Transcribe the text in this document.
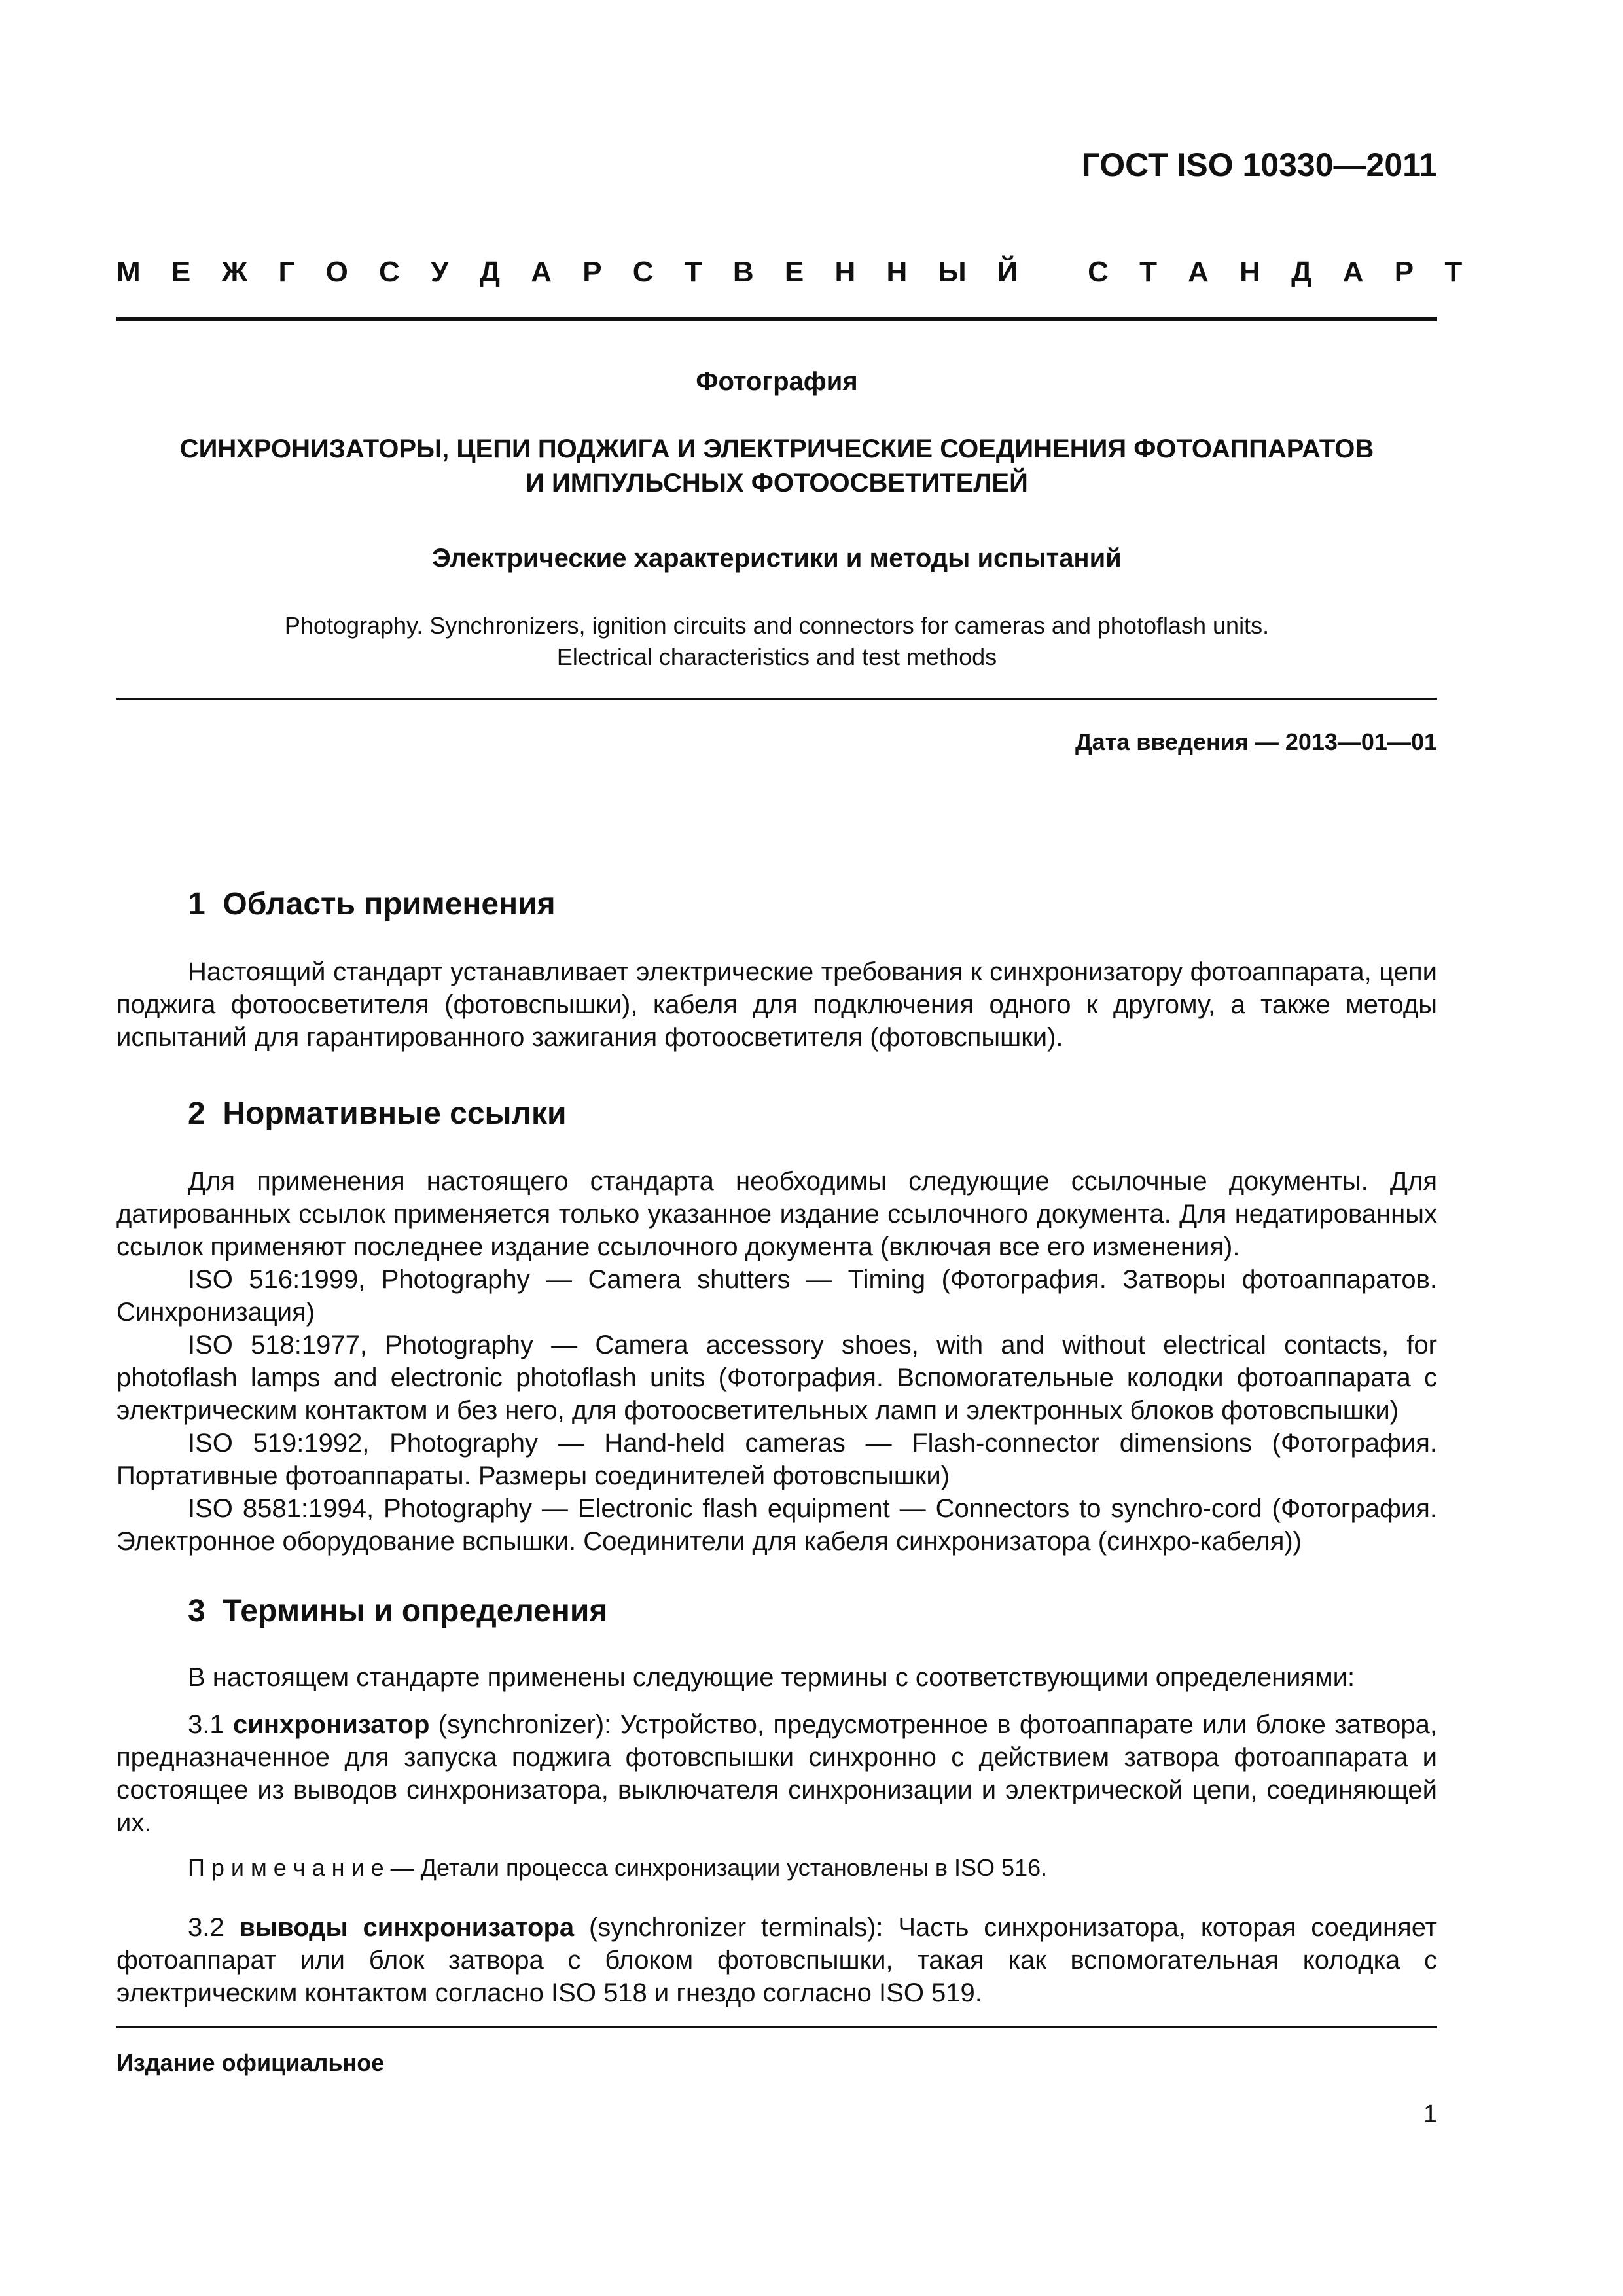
ГОСТ ISO 10330—2011
М Е Ж Г О С У Д А Р С Т В Е Н Н Ы Й   С Т А Н Д А Р Т
Фотография
СИНХРОНИЗАТОРЫ, ЦЕПИ ПОДЖИГА И ЭЛЕКТРИЧЕСКИЕ СОЕДИНЕНИЯ ФОТОАППАРАТОВ
И ИМПУЛЬСНЫХ ФОТООСВЕТИТЕЛЕЙ
Электрические характеристики и методы испытаний
Photography. Synchronizers, ignition circuits and connectors for cameras and photoflash units.
Electrical characteristics and test methods
Дата введения — 2013—01—01
1  Область применения

Настоящий стандарт устанавливает электрические требования к синхронизатору фотоаппарата, цепи поджига фотоосветителя (фотовспышки), кабеля для подключения одного к другому, а также методы испытаний для гарантированного зажигания фотоосветителя (фотовспышки).

2  Нормативные ссылки

Для применения настоящего стандарта необходимы следующие ссылочные документы. Для датированных ссылок применяется только указанное издание ссылочного документа. Для недатированных ссылок применяют последнее издание ссылочного документа (включая все его изменения).

ISO 516:1999, Photography — Camera shutters — Timing (Фотография. Затворы фотоаппаратов. Синхронизация)

ISO 518:1977, Photography — Camera accessory shoes, with and without electrical contacts, for photoflash lamps and electronic photoflash units (Фотография. Вспомогательные колодки фотоаппарата с электрическим контактом и без него, для фотоосветительных ламп и электронных блоков фотовспышки)

ISO 519:1992, Photography — Hand-held cameras — Flash-connector dimensions (Фотография. Портативные фотоаппараты. Размеры соединителей фотовспышки)

ISO 8581:1994, Photography — Electronic flash equipment — Connectors to synchro-cord (Фотография. Электронное оборудование вспышки. Соединители для кабеля синхронизатора (синхро-кабеля))

3  Термины и определения

В настоящем стандарте применены следующие термины с соответствующими определениями:

3.1 синхронизатор (synchronizer): Устройство, предусмотренное в фотоаппарате или блоке затвора, предназначенное для запуска поджига фотовспышки синхронно с действием затвора фотоаппарата и состоящее из выводов синхронизатора, выключателя синхронизации и электрической цепи, соединяющей их.

П р и м е ч а н и е — Детали процесса синхронизации установлены в ISO 516.

3.2 выводы синхронизатора (synchronizer terminals): Часть синхронизатора, которая соединяет фотоаппарат или блок затвора с блоком фотовспышки, такая как вспомогательная колодка с электрическим контактом согласно ISO 518 и гнездо согласно ISO 519.

Издание официальное
1
